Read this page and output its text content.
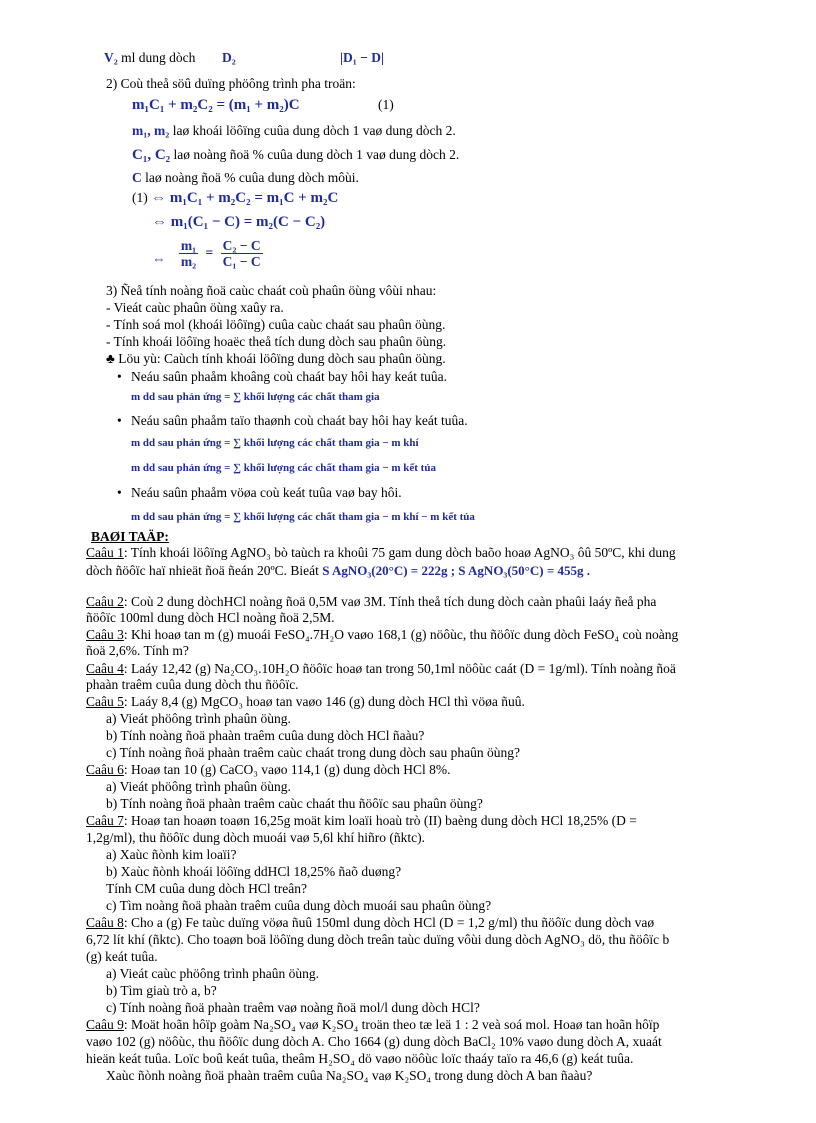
V₂ ml dung dòch D₂	|D₁ − D|
2) Coù theå söû duïng phöông trình pha troän:
m₁C₁ + m₂C₂ = (m₁ + m₂)C	(1)
m₁, m₂ laø khoái löôïng cuûa dung dòch 1 vaø dung dòch 2.
C₁, C₂ laø noàng ñoä % cuûa dung dòch 1 vaø dung dòch 2.
C laø noàng ñoä % cuûa dung dòch môùi.
(1) ⇔ m₁C₁ + m₂C₂ = m₁C + m₂C
⇔ m₁(C₁ − C) = m₂(C − C₂)
⇔ $\frac{\text{m₁}}{\text{m₂}} = \frac{\text{C₂ − C}}{\text{C₁ − C}}$
3) Ñeå tính noàng ñoä caùc chaát coù phaûn öùng vôùi nhau:
- Vieát caùc phaûn öùng xaûy ra.
- Tính soá mol (khoái löôïng) cuûa caùc chaát sau phaûn öùng.
- Tính khoái löôïng hoaëc theå tích dung dòch sau phaûn öùng.
♣ Löu yù: Caùch tính khoái löôïng dung dòch sau phaûn öùng.
• Neáu saûn phaåm khoâng coù chaát bay hôi hay keát tuûa.
m dd sau phản ứng = ∑ khối lượng các chất tham gia
• Neáu saûn phaåm taïo thaønh coù chaát bay hôi hay keát tuûa.
m dd sau phản ứng = ∑ khối lượng các chất tham gia − m khí
m dd sau phản ứng = ∑ khối lượng các chất tham gia − m kết tủa
• Neáu saûn phaåm vöøa coù keát tuûa vaø bay hôi.
m dd sau phản ứng = ∑ khối lượng các chất tham gia − m khí − m kết tủa
BAØI TAÄP:
Caâu 1: Tính khoái löôïng AgNO₃ bò taùch ra khoûi 75 gam dung dòch baõo hoaø AgNO₃ ôû 50ºC, khi dung
dòch ñöôïc haï nhieät ñoä ñeán 20ºC. Bieát S AgNO₃(20°C) = 222g ; S AgNO₃(50°C) = 455g .
Caâu 2: Coù 2 dung dòchHCl noàng ñoä 0,5M vaø 3M. Tính theå tích dung dòch caàn phaûi laáy ñeå pha
ñöôïc 100ml dung dòch HCl noàng ñoä 2,5M.
Caâu 3: Khi hoaø tan m (g) muoái FeSO₄.7H₂O vaøo 168,1 (g) nöôùc, thu ñöôïc dung dòch FeSO₄ coù noàng
ñoä 2,6%. Tính m?
Caâu 4: Laáy 12,42 (g) Na₂CO₃.10H₂O ñöôïc hoaø tan trong 50,1ml nöôùc caát (D = 1g/ml). Tính noàng ñoä
phaàn traêm cuûa dung dòch thu ñöôïc.
Caâu 5: Laáy 8,4 (g) MgCO₃ hoaø tan vaøo 146 (g) dung dòch HCl thì vöøa ñuû.
a) Vieát phöông trình phaûn öùng.
b) Tính noàng ñoä phaàn traêm cuûa dung dòch HCl ñaàu?
c) Tính noàng ñoä phaàn traêm caùc chaát trong dung dòch sau phaûn öùng?
Caâu 6: Hoaø tan 10 (g) CaCO₃ vaøo 114,1 (g) dung dòch HCl 8%.
a) Vieát phöông trình phaûn öùng.
b) Tính noàng ñoä phaàn traêm caùc chaát thu ñöôïc sau phaûn öùng?
Caâu 7: Hoaø tan hoaøn toaøn 16,25g moät kim loaïi hoaù trò (II) baèng dung dòch HCl 18,25% (D =
1,2g/ml), thu ñöôïc dung dòch muoái vaø 5,6l khí hiñro (ñktc).
a) Xaùc ñònh kim loaïi?
b) Xaùc ñònh khoái löôïng ddHCl 18,25% ñaõ duøng?
Tính CM cuûa dung dòch HCl treân?
c) Tìm noàng ñoä phaàn traêm cuûa dung dòch muoái sau phaûn öùng?
Caâu 8: Cho a (g) Fe taùc duïng vöøa ñuû 150ml dung dòch HCl (D = 1,2 g/ml) thu ñöôïc dung dòch vaø
6,72 lít khí (ñktc). Cho toaøn boä löôïng dung dòch treân taùc duïng vôùi dung dòch AgNO₃ dö, thu ñöôïc b
(g) keát tuûa.
a) Vieát caùc phöông trình phaûn öùng.
b) Tìm giaù trò a, b?
c) Tính noàng ñoä phaàn traêm vaø noàng ñoä mol/l dung dòch HCl?
Caâu 9: Moät hoãn hôïp goàm Na₂SO₄ vaø K₂SO₄ troän theo tæ leä 1 : 2 veà soá mol. Hoaø tan hoãn hôïp
vaøo 102 (g) nöôùc, thu ñöôïc dung dòch A. Cho 1664 (g) dung dòch BaCl₂ 10% vaøo dung dòch A, xuaát
hieän keát tuûa. Loïc boû keát tuûa, theâm H₂SO₄ dö vaøo nöôùc loïc thaáy taïo ra 46,6 (g) keát tuûa.
Xaùc ñònh noàng ñoä phaàn traêm cuûa Na₂SO₄ vaø K₂SO₄ trong dung dòch A ban ñaàu?
